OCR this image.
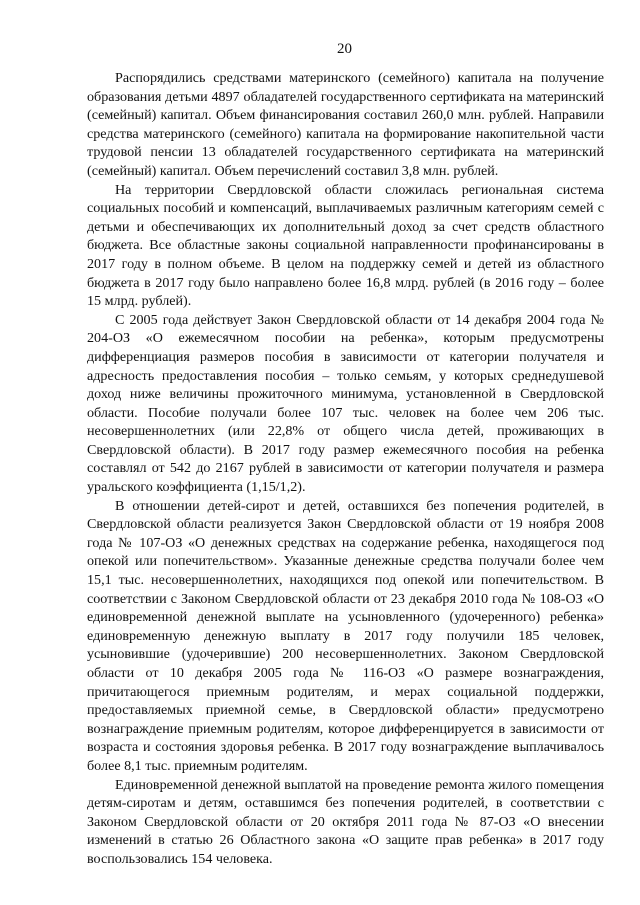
20

Распорядились средствами материнского (семейного) капитала на получение образования детьми 4897 обладателей государственного сертификата на материнский (семейный) капитал. Объем финансирования составил 260,0 млн. рублей. Направили средства материнского (семейного) капитала на формирование накопительной части трудовой пенсии 13 обладателей государственного сертификата на материнский (семейный) капитал. Объем перечислений составил 3,8 млн. рублей.

На территории Свердловской области сложилась региональная система социальных пособий и компенсаций, выплачиваемых различным категориям семей с детьми и обеспечивающих их дополнительный доход за счет средств областного бюджета. Все областные законы социальной направленности профинансированы в 2017 году в полном объеме. В целом на поддержку семей и детей из областного бюджета в 2017 году было направлено более 16,8 млрд. рублей (в 2016 году – более 15 млрд. рублей).

С 2005 года действует Закон Свердловской области от 14 декабря 2004 года № 204-ОЗ «О ежемесячном пособии на ребенка», которым предусмотрены дифференциация размеров пособия в зависимости от категории получателя и адресность предоставления пособия – только семьям, у которых среднедушевой доход ниже величины прожиточного минимума, установленной в Свердловской области. Пособие получали более 107 тыс. человек на более чем 206 тыс. несовершеннолетних (или 22,8% от общего числа детей, проживающих в Свердловской области). В 2017 году размер ежемесячного пособия на ребенка составлял от 542 до 2167 рублей в зависимости от категории получателя и размера уральского коэффициента (1,15/1,2).

В отношении детей-сирот и детей, оставшихся без попечения родителей, в Свердловской области реализуется Закон Свердловской области от 19 ноября 2008 года № 107-ОЗ «О денежных средствах на содержание ребенка, находящегося под опекой или попечительством». Указанные денежные средства получали более чем 15,1 тыс. несовершеннолетних, находящихся под опекой или попечительством. В соответствии с Законом Свердловской области от 23 декабря 2010 года № 108-ОЗ «О единовременной денежной выплате на усыновленного (удочеренного) ребенка» единовременную денежную выплату в 2017 году получили 185 человек, усыновившие (удочерившие) 200 несовершеннолетних. Законом Свердловской области от 10 декабря 2005 года № 116-ОЗ «О размере вознаграждения, причитающегося приемным родителям, и мерах социальной поддержки, предоставляемых приемной семье, в Свердловской области» предусмотрено вознаграждение приемным родителям, которое дифференцируется в зависимости от возраста и состояния здоровья ребенка. В 2017 году вознаграждение выплачивалось более 8,1 тыс. приемным родителям.

Единовременной денежной выплатой на проведение ремонта жилого помещения детям-сиротам и детям, оставшимся без попечения родителей, в соответствии с Законом Свердловской области от 20 октября 2011 года № 87-ОЗ «О внесении изменений в статью 26 Областного закона «О защите прав ребенка» в 2017 году воспользовались 154 человека.
